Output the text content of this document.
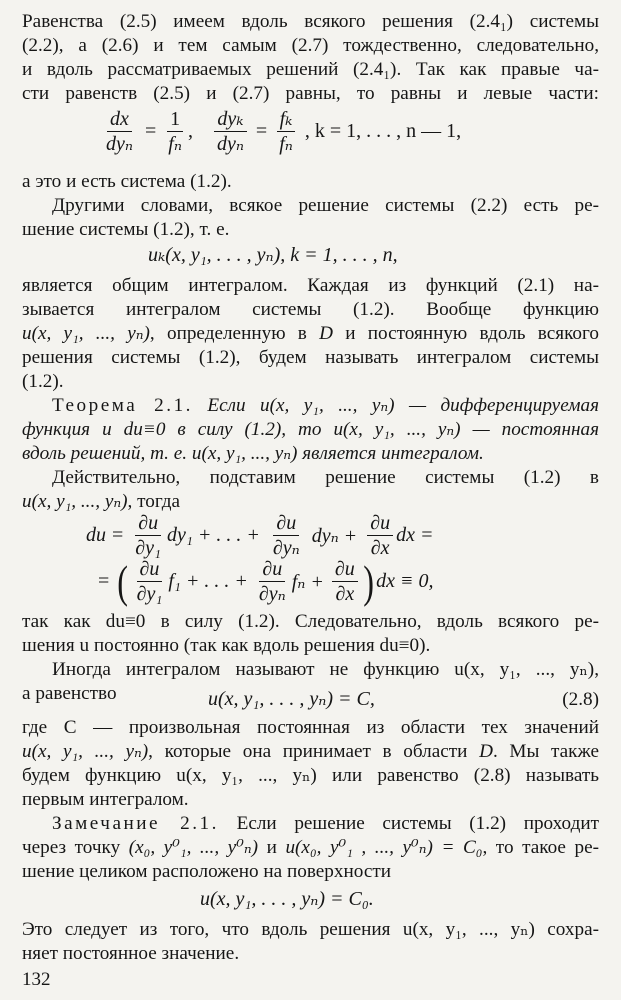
Равенства (2.5) имеем вдоль всякого решения (2.4₁) системы
(2.2), а (2.6) и тем самым (2.7) тождественно, следовательно,
и вдоль рассматриваемых решений (2.4₁). Так как правые ча-
сти равенств (2.5) и (2.7) равны, то равны и левые части:
$\frac{dx}{\text{dyₙ}} = \frac{1}{\text{fₙ}}$ , $\frac{\text{dyₖ}}{\text{dyₙ}} = \frac{\text{fₖ}}{\text{fₙ}}$ , k = 1, . . . , n — 1,
а это и есть система (1.2).
Другими словами, всякое решение системы (2.2) есть ре-
шение системы (1.2), т. е.
uₖ(x, y₁, . . . , yₙ), k = 1, . . . , n,
является общим интегралом. Каждая из функций (2.1) на-
зывается интегралом системы (1.2). Вообще функцию
u(x, y₁, ..., yₙ), определенную в D и постоянную вдоль всякого
решения системы (1.2), будем называть интегралом системы
(1.2).
Теорема 2.1. Если u(x, y₁, ..., yₙ) — дифференцируемая
функция и du≡0 в силу (1.2), то u(x, y₁, ..., yₙ) — постоянная
вдоль решений, т. е. u(x, y₁, ..., yₙ) является интегралом.
Действительно, подставим решение системы (1.2) в
u(x, y₁, ..., yₙ), тогда
du = $\frac{\partial u}{\text{∂y₁}} dy_1$ + . . . + $\frac{\partial u}{\text{∂yₙ}}$ $dy_n + \frac{\partial u}{\partial x}$ dx =
= ( $\frac{\partial u}{\text{∂y₁}} f_1$ + . . . + $\frac{\partial u}{\text{∂yₙ}}$ $f_n + \frac{\partial u}{\partial x}$ ) dx ≡ 0,
так как du≡0 в силу (1.2). Следовательно, вдоль всякого ре-
шения u постоянно (так как вдоль решения du≡0).
Иногда интегралом называют не функцию u(x, y₁, ..., yₙ),
а равенство	u(x, y₁, . . . , yₙ) = C,	(2.8)
где C — произвольная постоянная из области тех значений
u(x, y₁, ..., yₙ), которые она принимает в области D. Мы также
будем функцию u(x, y₁, ..., yₙ) или равенство (2.8) называть
первым интегралом.
Замечание 2.1. Если решение системы (1.2) проходит
через точку (x₀, y⁰₁, ..., y⁰ₙ) и u(x₀, y⁰₁ , ..., y⁰ₙ) = C₀, то такое ре-
шение целиком расположено на поверхности
u(x, y₁, . . . , yₙ) = C₀.
Это следует из того, что вдоль решения u(x, y₁, ..., yₙ) сохра-
няет постоянное значение.
132
